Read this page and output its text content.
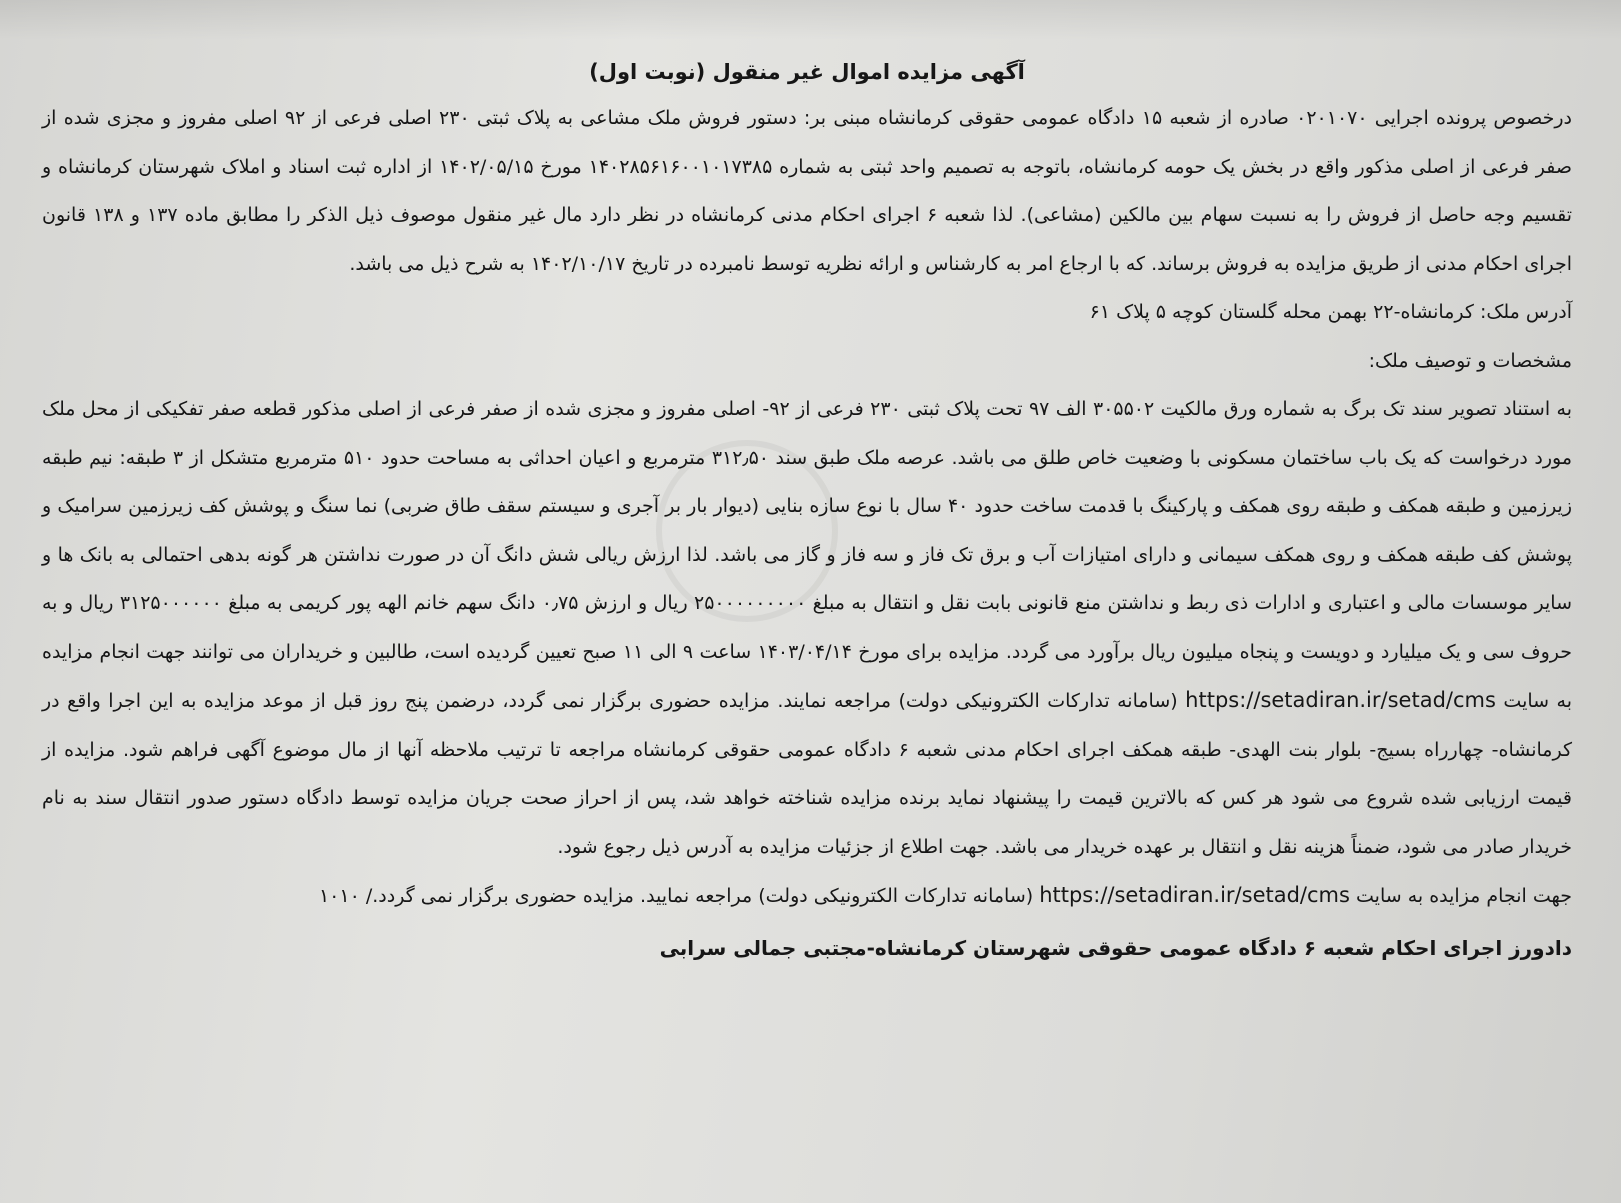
آگهی مزایده اموال غیر منقول (نوبت اول)

درخصوص پرونده اجرایی ۰۲۰۱۰۷۰ صادره از شعبه ۱۵ دادگاه عمومی حقوقی کرمانشاه مبنی بر: دستور فروش ملک مشاعی به پلاک ثبتی ۲۳۰ اصلی فرعی از ۹۲ اصلی مفروز و مجزی شده از صفر فرعی از اصلی مذکور واقع در بخش یک حومه کرمانشاه، باتوجه به تصمیم واحد ثبتی به شماره ۱۴۰۲۸۵۶۱۶۰۰۱۰۱۷۳۸۵ مورخ ۱۴۰۲/۰۵/۱۵ از اداره ثبت اسناد و املاک شهرستان کرمانشاه و تقسیم وجه حاصل از فروش را به نسبت سهام بین مالکین (مشاعی). لذا شعبه ۶ اجرای احکام مدنی کرمانشاه در نظر دارد مال غیر منقول موصوف ذیل الذکر را مطابق ماده ۱۳۷ و ۱۳۸ قانون اجرای احکام مدنی از طریق مزایده به فروش برساند. که با ارجاع امر به کارشناس و ارائه نظریه توسط نامبرده در تاریخ ۱۴۰۲/۱۰/۱۷ به شرح ذیل می باشد.

آدرس ملک: کرمانشاه-۲۲ بهمن محله گلستان کوچه ۵ پلاک ۶۱

مشخصات و توصیف ملک:

به استناد تصویر سند تک برگ به شماره ورق مالکیت ۳۰۵۵۰۲ الف ۹۷ تحت پلاک ثبتی ۲۳۰ فرعی از ۹۲- اصلی مفروز و مجزی شده از صفر فرعی از اصلی مذکور قطعه صفر تفکیکی از محل ملک مورد درخواست که یک باب ساختمان مسکونی با وضعیت خاص طلق می باشد. عرصه ملک طبق سند ۳۱۲٫۵۰ مترمربع و اعیان احداثی به مساحت حدود ۵۱۰ مترمربع متشکل از ۳ طبقه: نیم طبقه زیرزمین و طبقه همکف و طبقه روی همکف و پارکینگ با قدمت ساخت حدود ۴۰ سال با نوع سازه بنایی (دیوار بار بر آجری و سیستم سقف طاق ضربی) نما سنگ و پوشش کف زیرزمین سرامیک و پوشش کف طبقه همکف و روی همکف سیمانی و دارای امتیازات آب و برق تک فاز و سه فاز و گاز می باشد. لذا ارزش ریالی شش دانگ آن در صورت نداشتن هر گونه بدهی احتمالی به بانک ها و سایر موسسات مالی و اعتباری و ادارات ذی ربط و نداشتن منع قانونی بابت نقل و انتقال به مبلغ ۲۵۰۰۰۰۰۰۰۰۰ ریال و ارزش ۰٫۷۵ دانگ سهم خانم الهه پور کریمی به مبلغ ۳۱۲۵۰۰۰۰۰۰ ریال و به حروف سی و یک میلیارد و دویست و پنجاه میلیون ریال برآورد می گردد. مزایده برای مورخ ۱۴۰۳/۰۴/۱۴ ساعت ۹ الی ۱۱ صبح تعیین گردیده است، طالبین و خریداران می توانند جهت انجام مزایده به سایت https://setadiran.ir/setad/cms (سامانه تدارکات الکترونیکی دولت) مراجعه نمایند. مزایده حضوری برگزار نمی گردد، درضمن پنج روز قبل از موعد مزایده به این اجرا واقع در کرمانشاه- چهارراه بسیج- بلوار بنت الهدی- طبقه همکف اجرای احکام مدنی شعبه ۶ دادگاه عمومی حقوقی کرمانشاه مراجعه تا ترتیب ملاحظه آنها از مال موضوع آگهی فراهم شود. مزایده از قیمت ارزیابی شده شروع می شود هر کس که بالاترین قیمت را پیشنهاد نماید برنده مزایده شناخته خواهد شد، پس از احراز صحت جریان مزایده توسط دادگاه دستور صدور انتقال سند به نام خریدار صادر می شود، ضمناً هزینه نقل و انتقال بر عهده خریدار می باشد. جهت اطلاع از جزئیات مزایده به آدرس ذیل رجوع شود.

جهت انجام مزایده به سایت https://setadiran.ir/setad/cms (سامانه تدارکات الکترونیکی دولت) مراجعه نمایید. مزایده حضوری برگزار نمی گردد./ ۱۰۱۰

دادورز اجرای احکام شعبه ۶ دادگاه عمومی حقوقی شهرستان کرمانشاه-مجتبی جمالی سرابی
